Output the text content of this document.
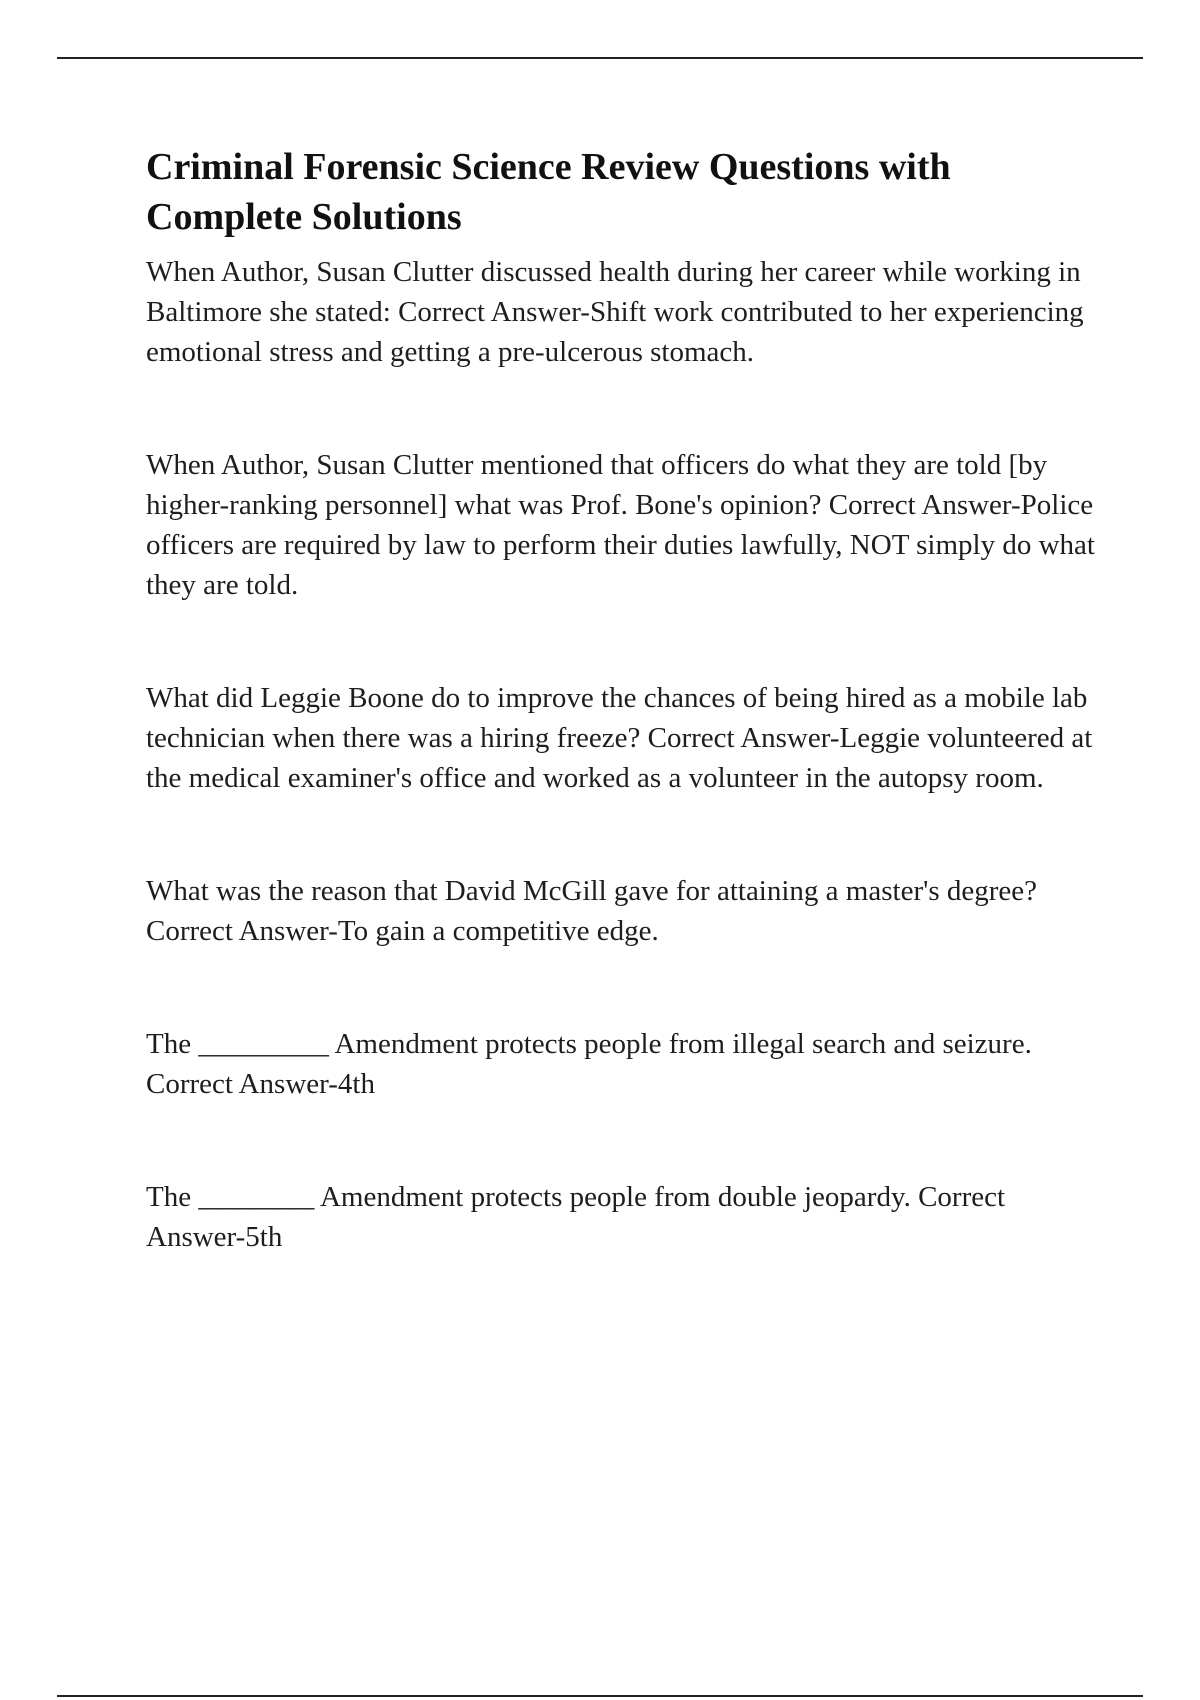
Criminal Forensic Science Review Questions with Complete Solutions

When Author, Susan Clutter discussed health during her career while working in Baltimore she stated: Correct Answer-Shift work contributed to her experiencing emotional stress and getting a pre-ulcerous stomach.

When Author, Susan Clutter mentioned that officers do what they are told [by higher-ranking personnel] what was Prof. Bone's opinion? Correct Answer-Police officers are required by law to perform their duties lawfully, NOT simply do what they are told.

What did Leggie Boone do to improve the chances of being hired as a mobile lab technician when there was a hiring freeze? Correct Answer-Leggie volunteered at the medical examiner's office and worked as a volunteer in the autopsy room.

What was the reason that David McGill gave for attaining a master's degree? Correct Answer-To gain a competitive edge.

The _________ Amendment protects people from illegal search and seizure. Correct Answer-4th

The ________ Amendment protects people from double jeopardy. Correct Answer-5th
